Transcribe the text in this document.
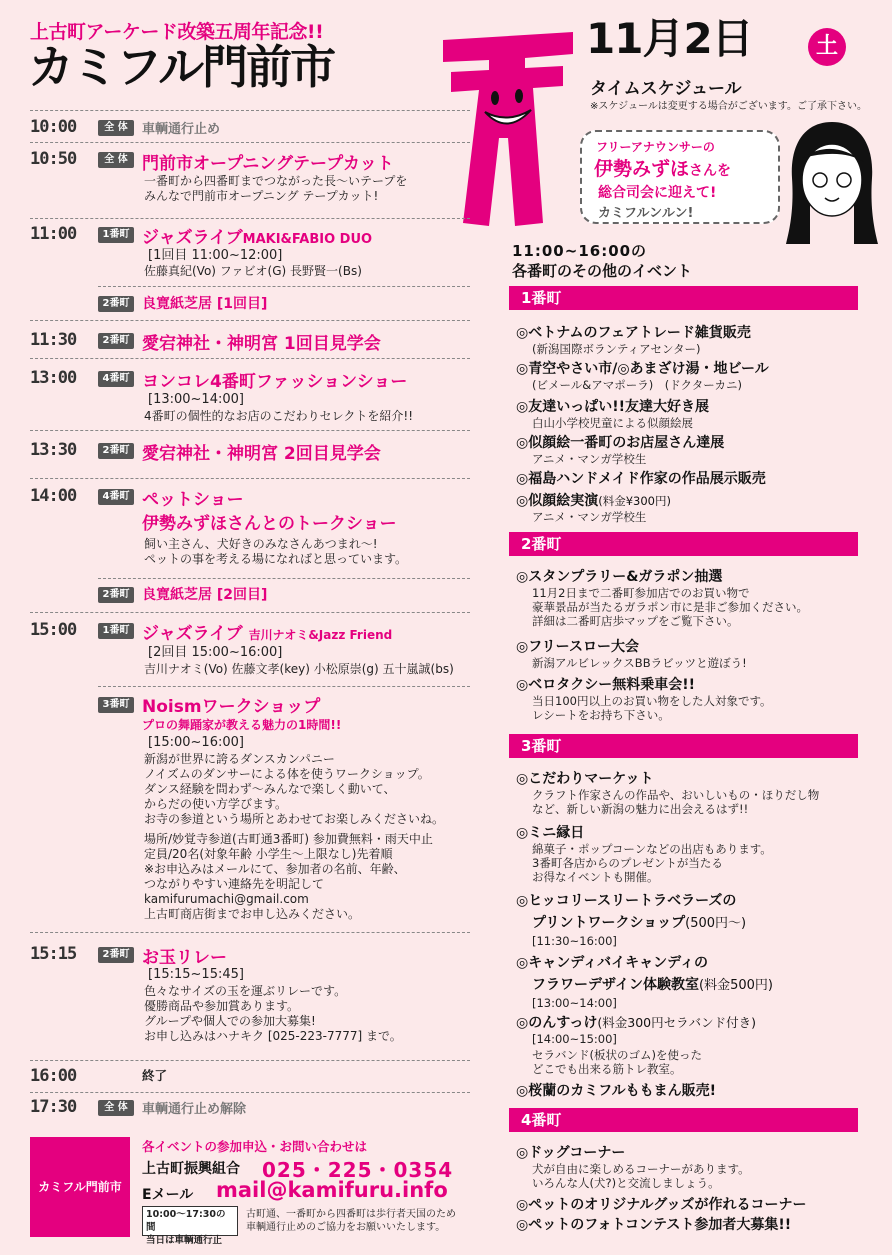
上古町アーケード改築五周年記念!!
カミフル門前市
11月2日	土
タイムスケジュール
※スケジュールは変更する場合がございます。ご了承下さい。
フリーアナウンサーの
伊勢みずほさんを
総合司会に迎えて!
カミフルンルン!
10:00	全 体	車輌通行止め
10:50	全 体 門前市オープニングテープカット
一番町から四番町までつながった長～いテープを
みんなで門前市オープニング テープカット!
11:00	1番町 ジャズライブMAKI&FABIO DUO
[1回目 11:00~12:00]
佐藤真紀(Vo) ファビオ(G) 長野賢一(Bs)
2番町 良寛紙芝居 [1回目]
11:30	2番町 愛宕神社・神明宮 1回目見学会
13:00	4番町 ヨンコレ4番町ファッションショー
[13:00~14:00]
4番町の個性的なお店のこだわりセレクトを紹介!!
13:30	2番町 愛宕神社・神明宮 2回目見学会
14:00	4番町 ペットショー
伊勢みずほさんとのトークショー
飼い主さん、犬好きのみなさんあつまれ～!
ペットの事を考える場になればと思っています。
2番町 良寛紙芝居 [2回目]
15:00	1番町 ジャズライブ 吉川ナオミ&Jazz Friend
[2回目 15:00~16:00]
吉川ナオミ(Vo) 佐藤文孝(key) 小松原崇(g) 五十嵐誠(bs)
3番町 Noismワークショップ
プロの舞踊家が教える魅力の1時間!!
[15:00~16:00]
新潟が世界に誇るダンスカンパニー
ノイズムのダンサーによる体を使うワークショップ。
ダンス経験を問わず～みんなで楽しく動いて、
からだの使い方学びます。
お寺の参道という場所とあわせてお楽しみくださいね。
場所/妙覚寺参道(古町通3番町) 参加費無料・雨天中止
定員/20名(対象年齢 小学生～上限なし)先着順
※お申込みはメールにて、参加者の名前、年齢、
つながりやすい連絡先を明記して
kamifurumachi@gmail.com
上古町商店街までお申し込みください。
15:15	2番町 お玉リレー
[15:15~15:45]
色々なサイズの玉を運ぶリレーです。
優勝商品や参加賞あります。
グループや個人での参加大募集!
お申し込みはハナキク [025-223-7777] まで。
16:00	終了
17:30	全 体	車輌通行止め解除
11:00~16:00の
各番町のその他のイベント
1番町
◎ベトナムのフェアトレード雑貨販売
(新潟国際ボランティアセンター)
◎青空やさい市/◎あまざけ湯・地ビール
(ビメール&アマポーラ)　(ドクターカニ)
◎友達いっぱい!!友達大好き展
白山小学校児童による似顔絵展
◎似顔絵一番町のお店屋さん達展
アニメ・マンガ学校生
◎福島ハンドメイド作家の作品展示販売
◎似顔絵実演(料金¥300円)
アニメ・マンガ学校生
2番町
◎スタンプラリー&ガラポン抽選
11月2日まで二番町参加店でのお買い物で
豪華景品が当たるガラポン市に是非ご参加ください。
詳細は二番町店歩マップをご覧下さい。
◎フリースロー大会
新潟アルビレックスBBラビッツと遊ぼう!
◎ベロタクシー無料乗車会!!
当日100円以上のお買い物をした人対象です。
レシートをお持ち下さい。
3番町
◎こだわりマーケット
クラフト作家さんの作品や、おいしいもの・ほりだし物
など、新しい新潟の魅力に出会えるはず!!
◎ミニ縁日
綿菓子・ポップコーンなどの出店もあります。
3番町各店からのプレゼントが当たる
お得なイベントも開催。
◎ヒッコリースリートラベラーズの
プリントワークショップ(500円～)
[11:30~16:00]
◎キャンディバイキャンディの
フラワーデザイン体験教室(料金500円)
[13:00~14:00]
◎のんすっけ(料金300円セラバンド付き)
[14:00~15:00]
セラバンド(板状のゴム)を使った
どこでも出来る筋トレ教室。
◎桜蘭のカミフルももまん販売!
4番町
◎ドッグコーナー
犬が自由に楽しめるコーナーがあります。
いろんな人(犬?)と交流しましょう。
◎ペットのオリジナルグッズが作れるコーナー
◎ペットのフォトコンテスト参加者大募集!!
カミフル門前市
各イベントの参加申込・お問い合わせは
上古町振興組合 025・225・0354
Eメール mail@kamifuru.info
10:00～17:30の間
当日は車輌通行止
古町通、一番町から四番町は歩行者天国のため
車輌通行止めのご協力をお願いいたします。
